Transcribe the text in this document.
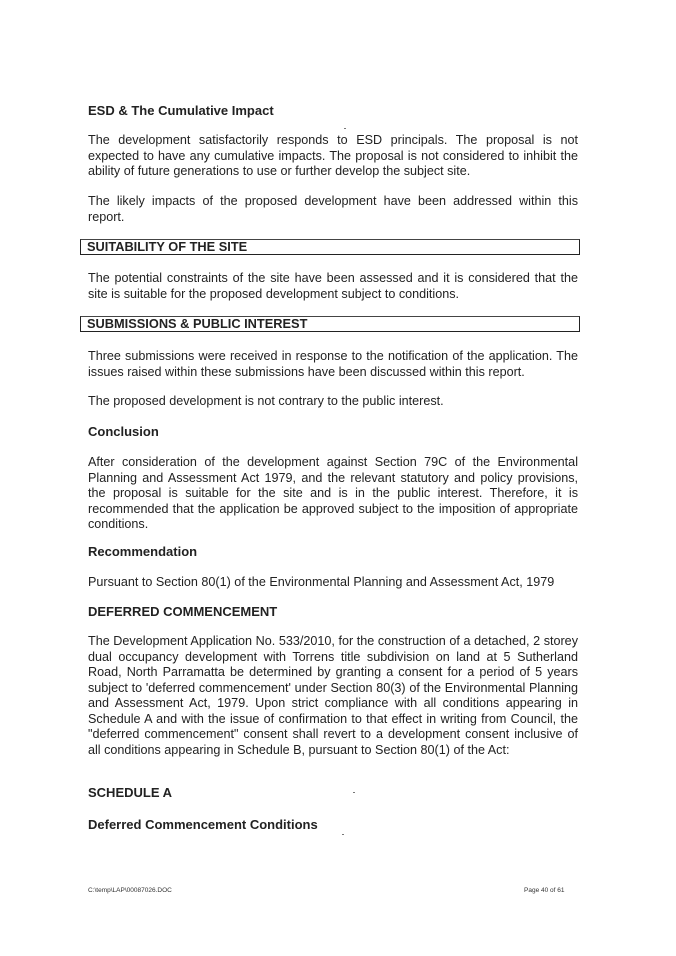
ESD & The Cumulative Impact

The development satisfactorily responds to ESD principals. The proposal is not expected to have any cumulative impacts. The proposal is not considered to inhibit the ability of future generations to use or further develop the subject site.

The likely impacts of the proposed development have been addressed within this report.

SUITABILITY OF THE SITE

The potential constraints of the site have been assessed and it is considered that the site is suitable for the proposed development subject to conditions.

SUBMISSIONS & PUBLIC INTEREST

Three submissions were received in response to the notification of the application. The issues raised within these submissions have been discussed within this report.

The proposed development is not contrary to the public interest.

Conclusion

After consideration of the development against Section 79C of the Environmental Planning and Assessment Act 1979, and the relevant statutory and policy provisions, the proposal is suitable for the site and is in the public interest. Therefore, it is recommended that the application be approved subject to the imposition of appropriate conditions.

Recommendation

Pursuant to Section 80(1) of the Environmental Planning and Assessment Act, 1979

DEFERRED COMMENCEMENT

The Development Application No. 533/2010, for the construction of a detached, 2 storey dual occupancy development with Torrens title subdivision on land at 5 Sutherland Road, North Parramatta be determined by granting a consent for a period of 5 years subject to 'deferred commencement' under Section 80(3) of the Environmental Planning and Assessment Act, 1979. Upon strict compliance with all conditions appearing in Schedule A and with the issue of confirmation to that effect in writing from Council, the "deferred commencement" consent shall revert to a development consent inclusive of all conditions appearing in Schedule B, pursuant to Section 80(1) of the Act:

SCHEDULE A
Deferred Commencement Conditions
C:\temp\LAP\00087026.DOC	Page 40 of 61
